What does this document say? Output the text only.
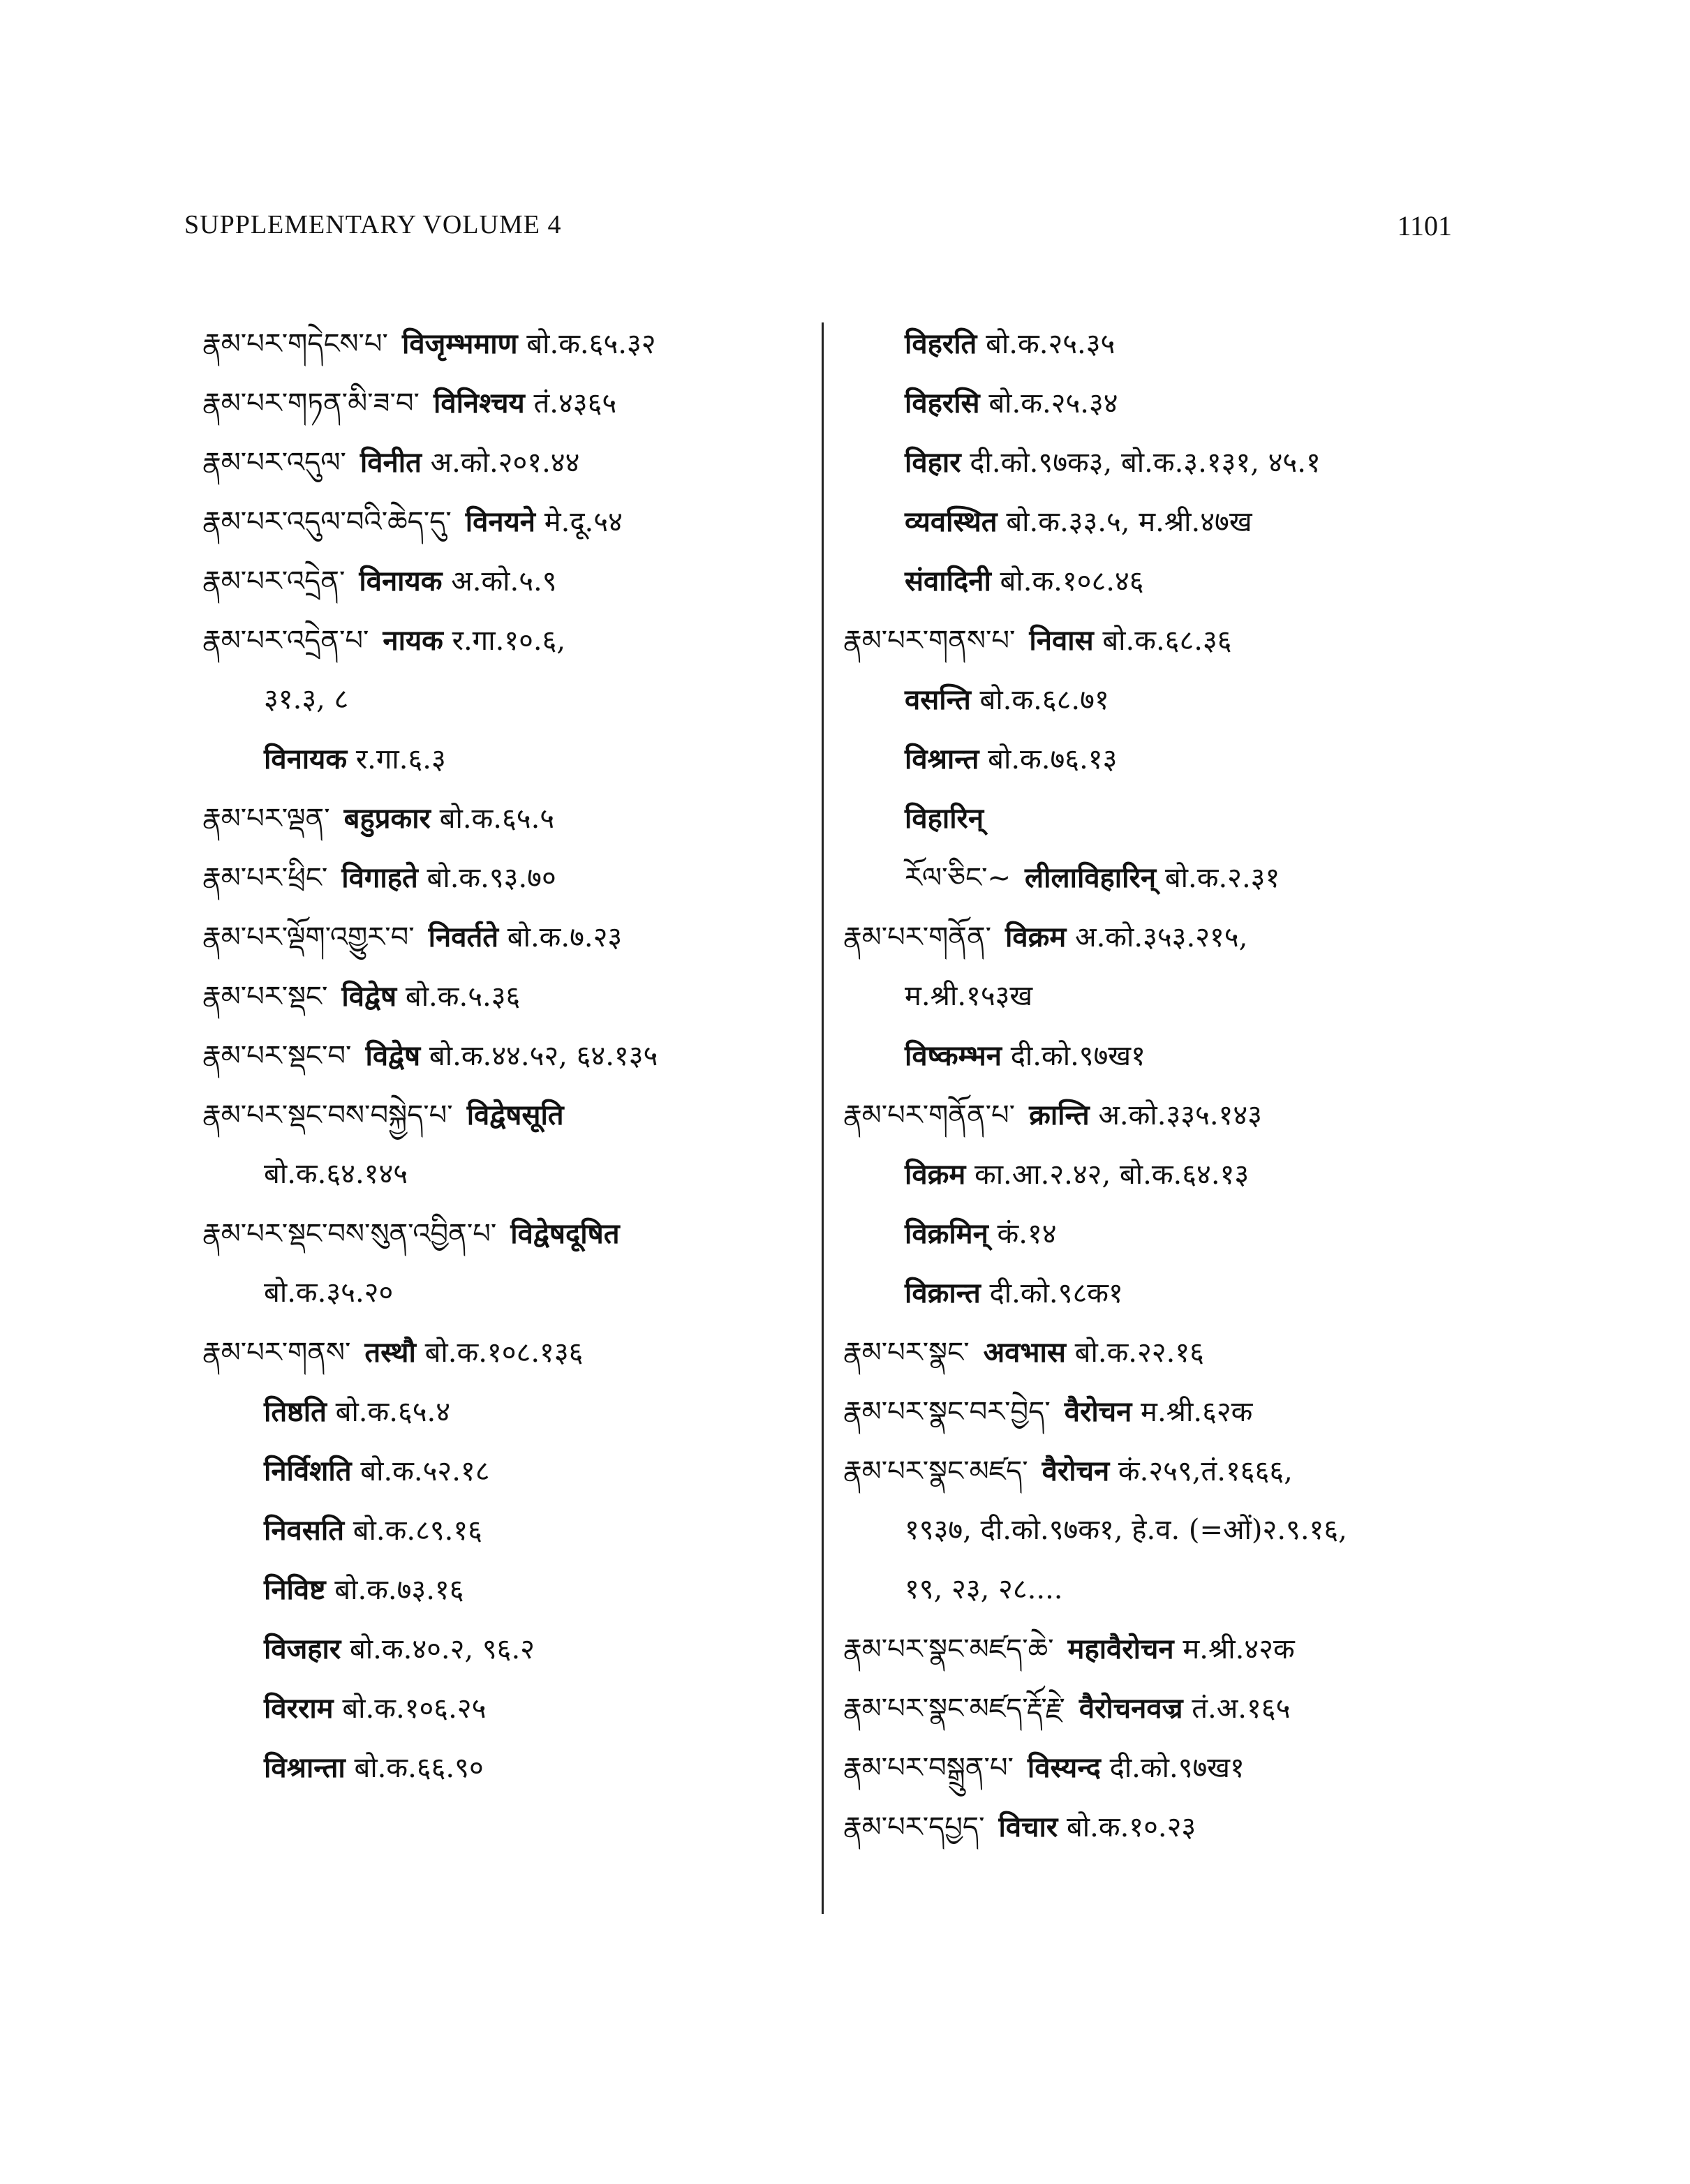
SUPPLEMENTARY VOLUME 4	1101
རྣམ་པར་གདེངས་པ་ विजृम्भमाण बो.क.६५.३२
རྣམ་པར་གཏན་མི་ཟ་བ་ विनिश्चय तं.४३६५
རྣམ་པར་འདུལ་ विनीत अ.को.२०१.४४
རྣམ་པར་འདུལ་བའི་ཆེད་དུ་ विनयने मे.दू.५४
རྣམ་པར་འདྲེན་ विनायक अ.को.५.९
རྣམ་པར་འདྲེན་པ་ नायक र.गा.१०.६,
३१.३, ८
विनायक र.गा.६.३
རྣམ་པར་ལྡན་ बहुप्रकार बो.क.६५.५
རྣམ་པར་ཕྲིང་ विगाहते बो.क.९३.७०
རྣམ་པར་ལྡོག་འགྱུར་བ་ निवर्तते बो.क.७.२३
རྣམ་པར་སྡང་ विद्वेष बो.क.५.३६
རྣམ་པར་སྡང་བ་ विद्वेष बो.क.४४.५२, ६४.१३५
རྣམ་པར་སྡང་བས་བསྐྱེད་པ་ विद्वेषसूति
बो.क.६४.१४५
རྣམ་པར་སྡང་བས་སུན་འབྱིན་པ་ विद्वेषदूषित
बो.क.३५.२०
རྣམ་པར་གནས་ तस्थौ बो.क.१०८.१३६
तिष्ठति बो.क.६५.४
निर्विशति बो.क.५२.१८
निवसति बो.क.८९.१६
निविष्ट बो.क.७३.१६
विजहार बो.क.४०.२, ९६.२
विरराम बो.क.१०६.२५
विश्रान्ता बो.क.६६.९०
विहरति बो.क.२५.३५
विहरसि बो.क.२५.३४
विहार दी.को.९७क३, बो.क.३.१३१, ४५.१
व्यवस्थित बो.क.३३.५, म.श्री.४७ख
संवादिनी बो.क.१०८.४६
རྣམ་པར་གནས་པ་ निवास बो.क.६८.३६
वसन्ति बो.क.६८.७१
विश्रान्त बो.क.७६.१३
विहारिन्
རོལ་ཅིང་~ लीलाविहारिन् बो.क.२.३१
རྣམ་པར་གནོན་ विक्रम अ.को.३५३.२१५,
म.श्री.१५३ख
विष्कम्भन दी.को.९७ख१
རྣམ་པར་གནོན་པ་ क्रान्ति अ.को.३३५.१४३
विक्रम का.आ.२.४२, बो.क.६४.१३
विक्रमिन् कं.१४
विक्रान्त दी.को.९८क१
རྣམ་པར་སྣང་ अवभास बो.क.२२.१६
རྣམ་པར་སྣང་བར་བྱེད་ वैरोचन म.श्री.६२क
རྣམ་པར་སྣང་མཛད་ वैरोचन कं.२५९,तं.१६६६,
१९३७, दी.को.९७क१, हे.व. (=ओं)२.९.१६,
१९, २३, २८....
རྣམ་པར་སྣང་མཛད་ཆེ་ महावैरोचन म.श्री.४२क
རྣམ་པར་སྣང་མཛད་རྡོ་རྗེ་ वैरोचनवज्र तं.अ.१६५
རྣམ་པར་བསྒྲུན་པ་ विस्यन्द दी.को.९७ख१
རྣམ་པར་དཔྱད་ विचार बो.क.१०.२३
